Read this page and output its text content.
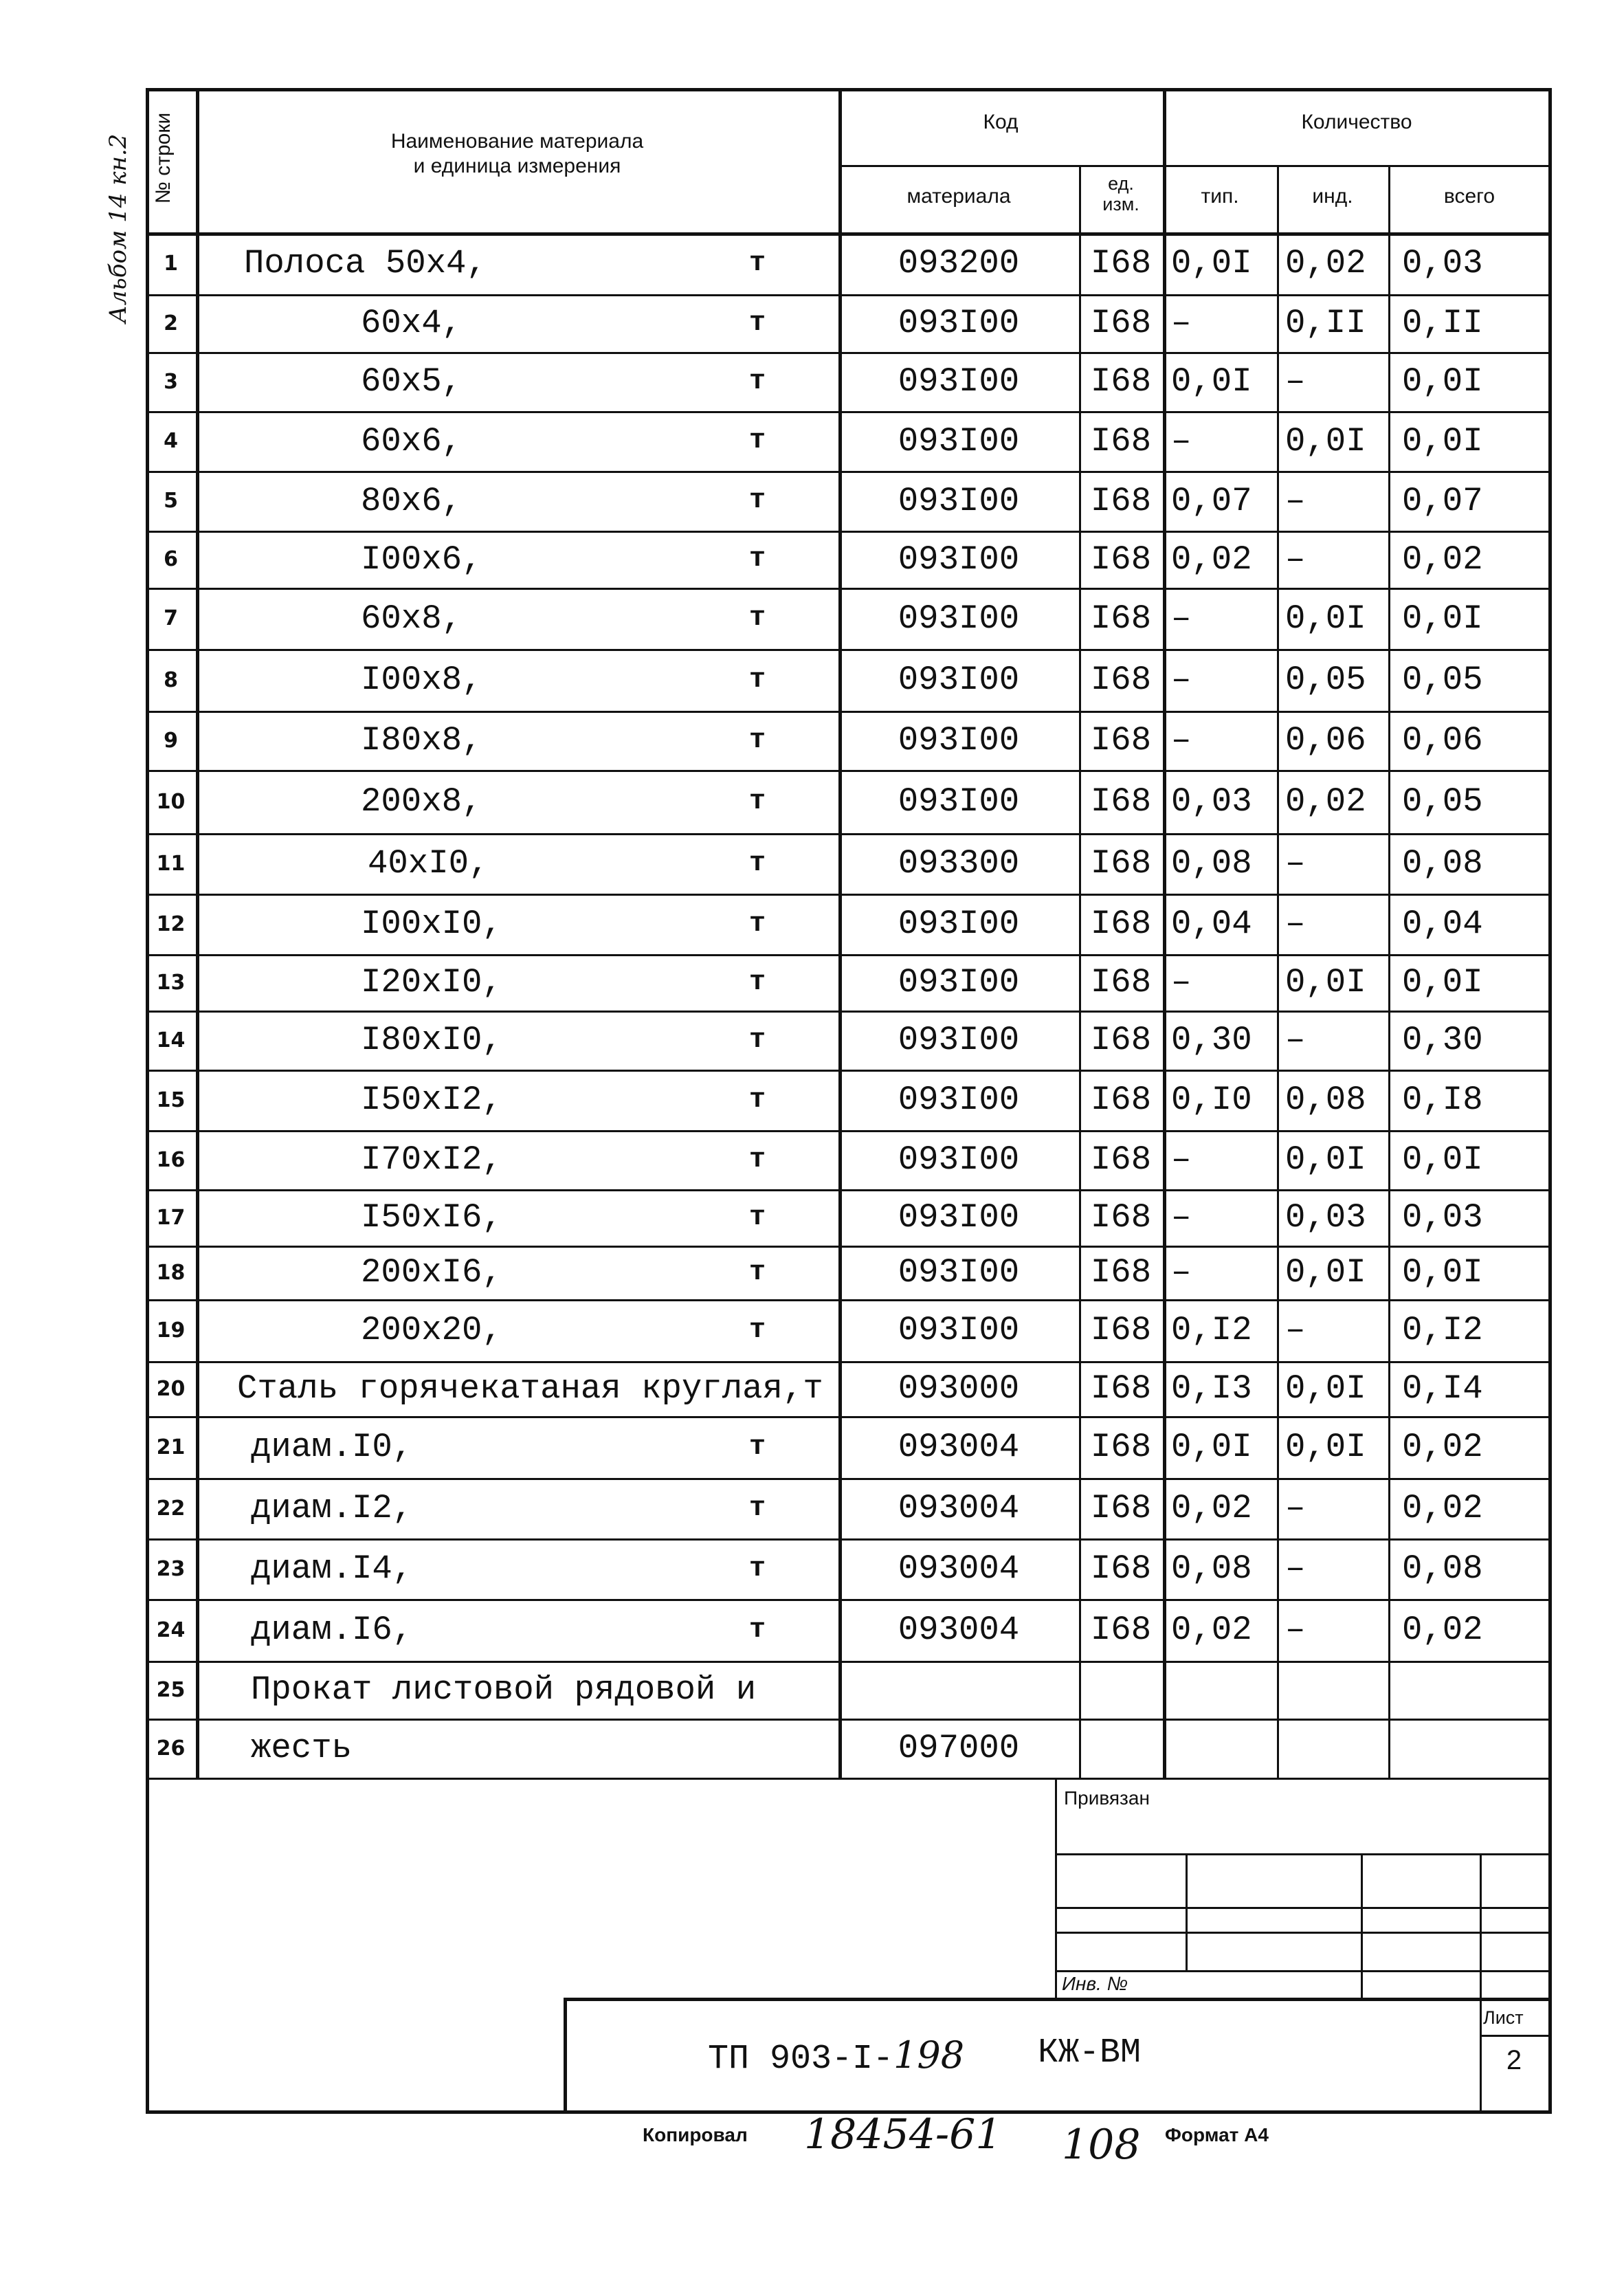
Альбом 14 кн.2 № строки	Наименование материала
и единица измерения
Код	Количество
материала
ед.
изм.	тип.	инд.	всего
1	Полоса 50х4,	т	093200	I68 0,0I 0,02	0,03
2	60х4,	т	093I00	I68 –	0,II	0,II
3	60х5,	т	093I00	I68 0,0I –	0,0I
4	60х6,	т	093I00	I68 –	0,0I	0,0I
5	80х6,	т	093I00	I68 0,07 –	0,07
6	I00х6,	т	093I00	I68 0,02 –	0,02
7	60х8,	т	093I00	I68 –	0,0I	0,0I
8	I00х8,	т	093I00	I68 –	0,05	0,05
9	I80х8,	т	093I00	I68 –	0,06	0,06
10	200х8,	т	093I00	I68 0,03 0,02	0,05
11	40хI0,	т	093300	I68 0,08 –	0,08
12	I00хI0,	т	093I00	I68 0,04 –	0,04
13	I20хI0,	т	093I00	I68 –	0,0I	0,0I
14	I80хI0,	т	093I00	I68 0,30 –	0,30
15	I50хI2,	т	093I00	I68 0,I0 0,08	0,I8
16	I70хI2,	т	093I00	I68 –	0,0I	0,0I
17	I50хI6,	т	093I00	I68 –	0,03	0,03
18	200хI6,	т	093I00	I68 –	0,0I	0,0I
19	200х20,	т	093I00	I68 0,I2 –	0,I2
20	Сталь горячекатаная круглая,т	093000	I68 0,I3 0,0I	0,I4
21	диам.I0,	т	093004	I68 0,0I 0,0I	0,02
22	диам.I2,	т	093004	I68 0,02 –	0,02
23	диам.I4,	т	093004	I68 0,08 –	0,08
24	диам.I6,	т	093004	I68 0,02 –	0,02
25	Прокат листовой рядовой и
26	жесть	097000
Привязан
Инв. №
Лист
2
ТП 903-I-198 КЖ-ВМ
Копировал 18454-61 108 Формат А4
